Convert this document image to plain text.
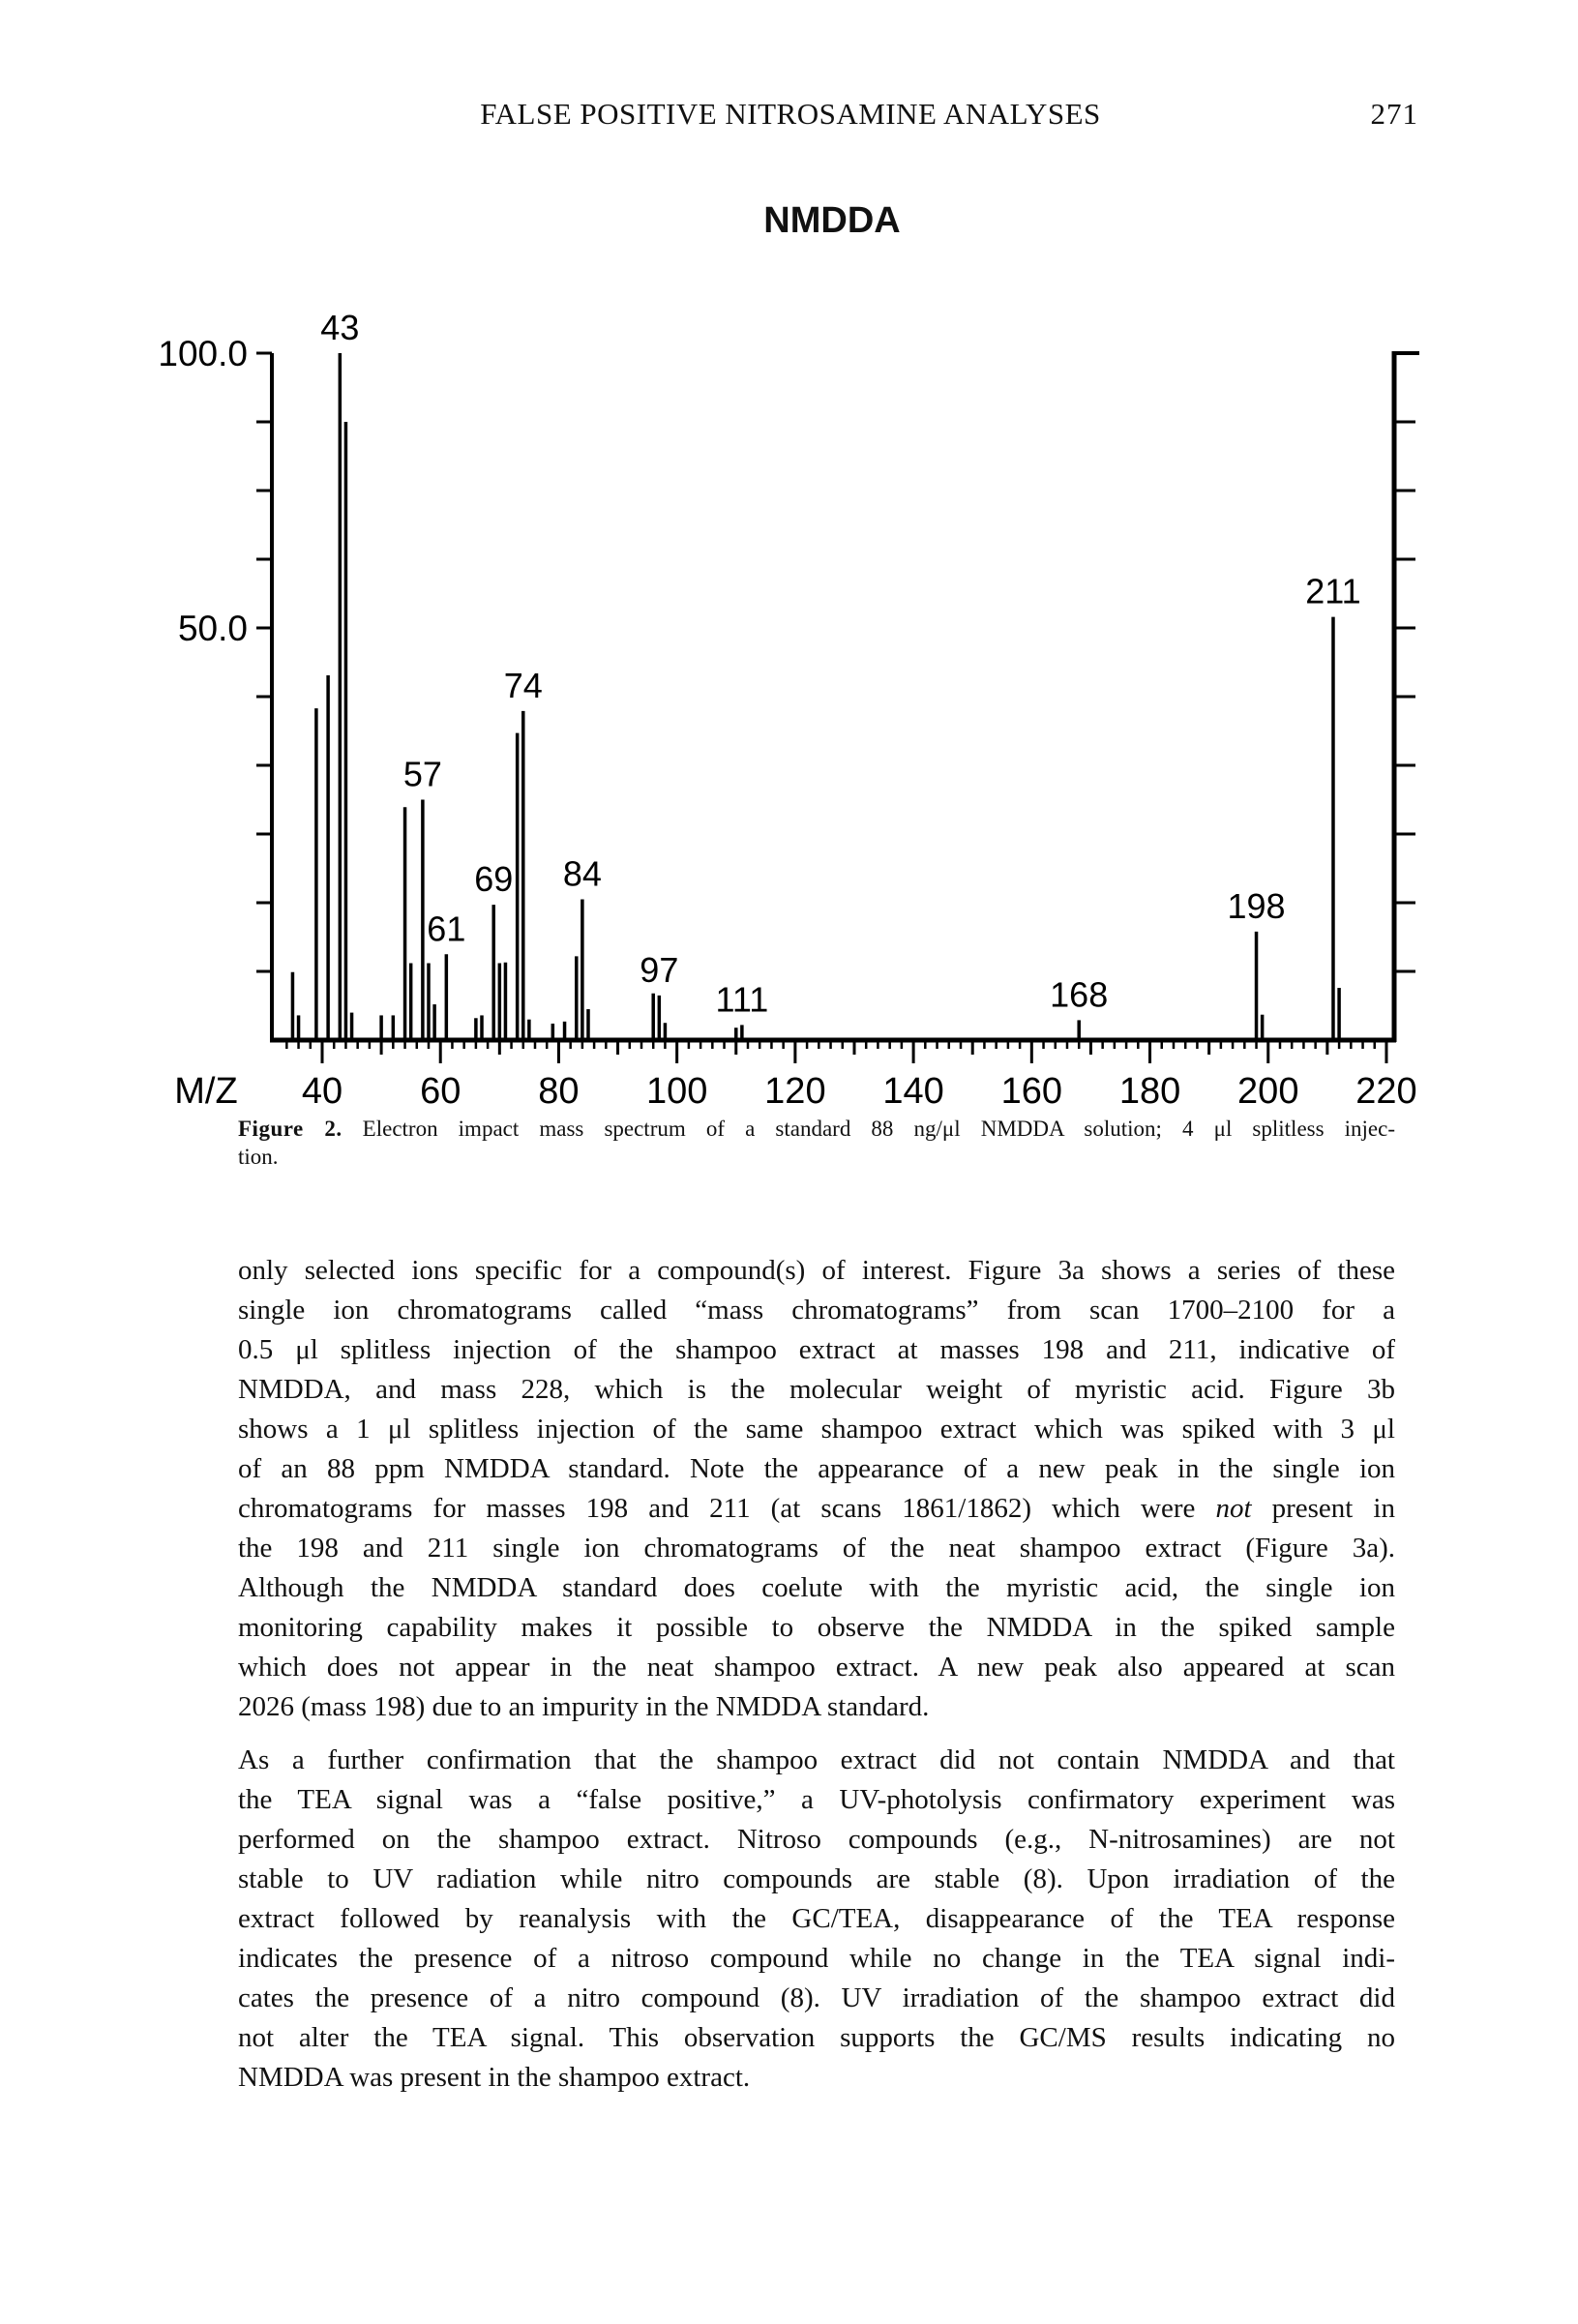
FALSE POSITIVE NITROSAMINE ANALYSES	271
NMDDA
100.0
50.0
40 60 80 100 120 140 160 180 200 220
M/Z
43
57
61
69
74
84
97
111	168
198
211
Figure 2. Electron impact mass spectrum of a standard 88 ng/μl NMDDA solution; 4 μl splitless injec-
tion.
only selected ions specific for a compound(s) of interest. Figure 3a shows a series of these
single ion chromatograms called “mass chromatograms” from scan 1700–2100 for a
0.5 μl splitless injection of the shampoo extract at masses 198 and 211, indicative of
NMDDA, and mass 228, which is the molecular weight of myristic acid. Figure 3b
shows a 1 μl splitless injection of the same shampoo extract which was spiked with 3 μl
of an 88 ppm NMDDA standard. Note the appearance of a new peak in the single ion
chromatograms for masses 198 and 211 (at scans 1861/1862) which were not present in
the 198 and 211 single ion chromatograms of the neat shampoo extract (Figure 3a).
Although the NMDDA standard does coelute with the myristic acid, the single ion
monitoring capability makes it possible to observe the NMDDA in the spiked sample
which does not appear in the neat shampoo extract. A new peak also appeared at scan
2026 (mass 198) due to an impurity in the NMDDA standard.
As a further confirmation that the shampoo extract did not contain NMDDA and that
the TEA signal was a “false positive,” a UV-photolysis confirmatory experiment was
performed on the shampoo extract. Nitroso compounds (e.g., N-nitrosamines) are not
stable to UV radiation while nitro compounds are stable (8). Upon irradiation of the
extract followed by reanalysis with the GC/TEA, disappearance of the TEA response
indicates the presence of a nitroso compound while no change in the TEA signal indi-
cates the presence of a nitro compound (8). UV irradiation of the shampoo extract did
not alter the TEA signal. This observation supports the GC/MS results indicating no
NMDDA was present in the shampoo extract.
